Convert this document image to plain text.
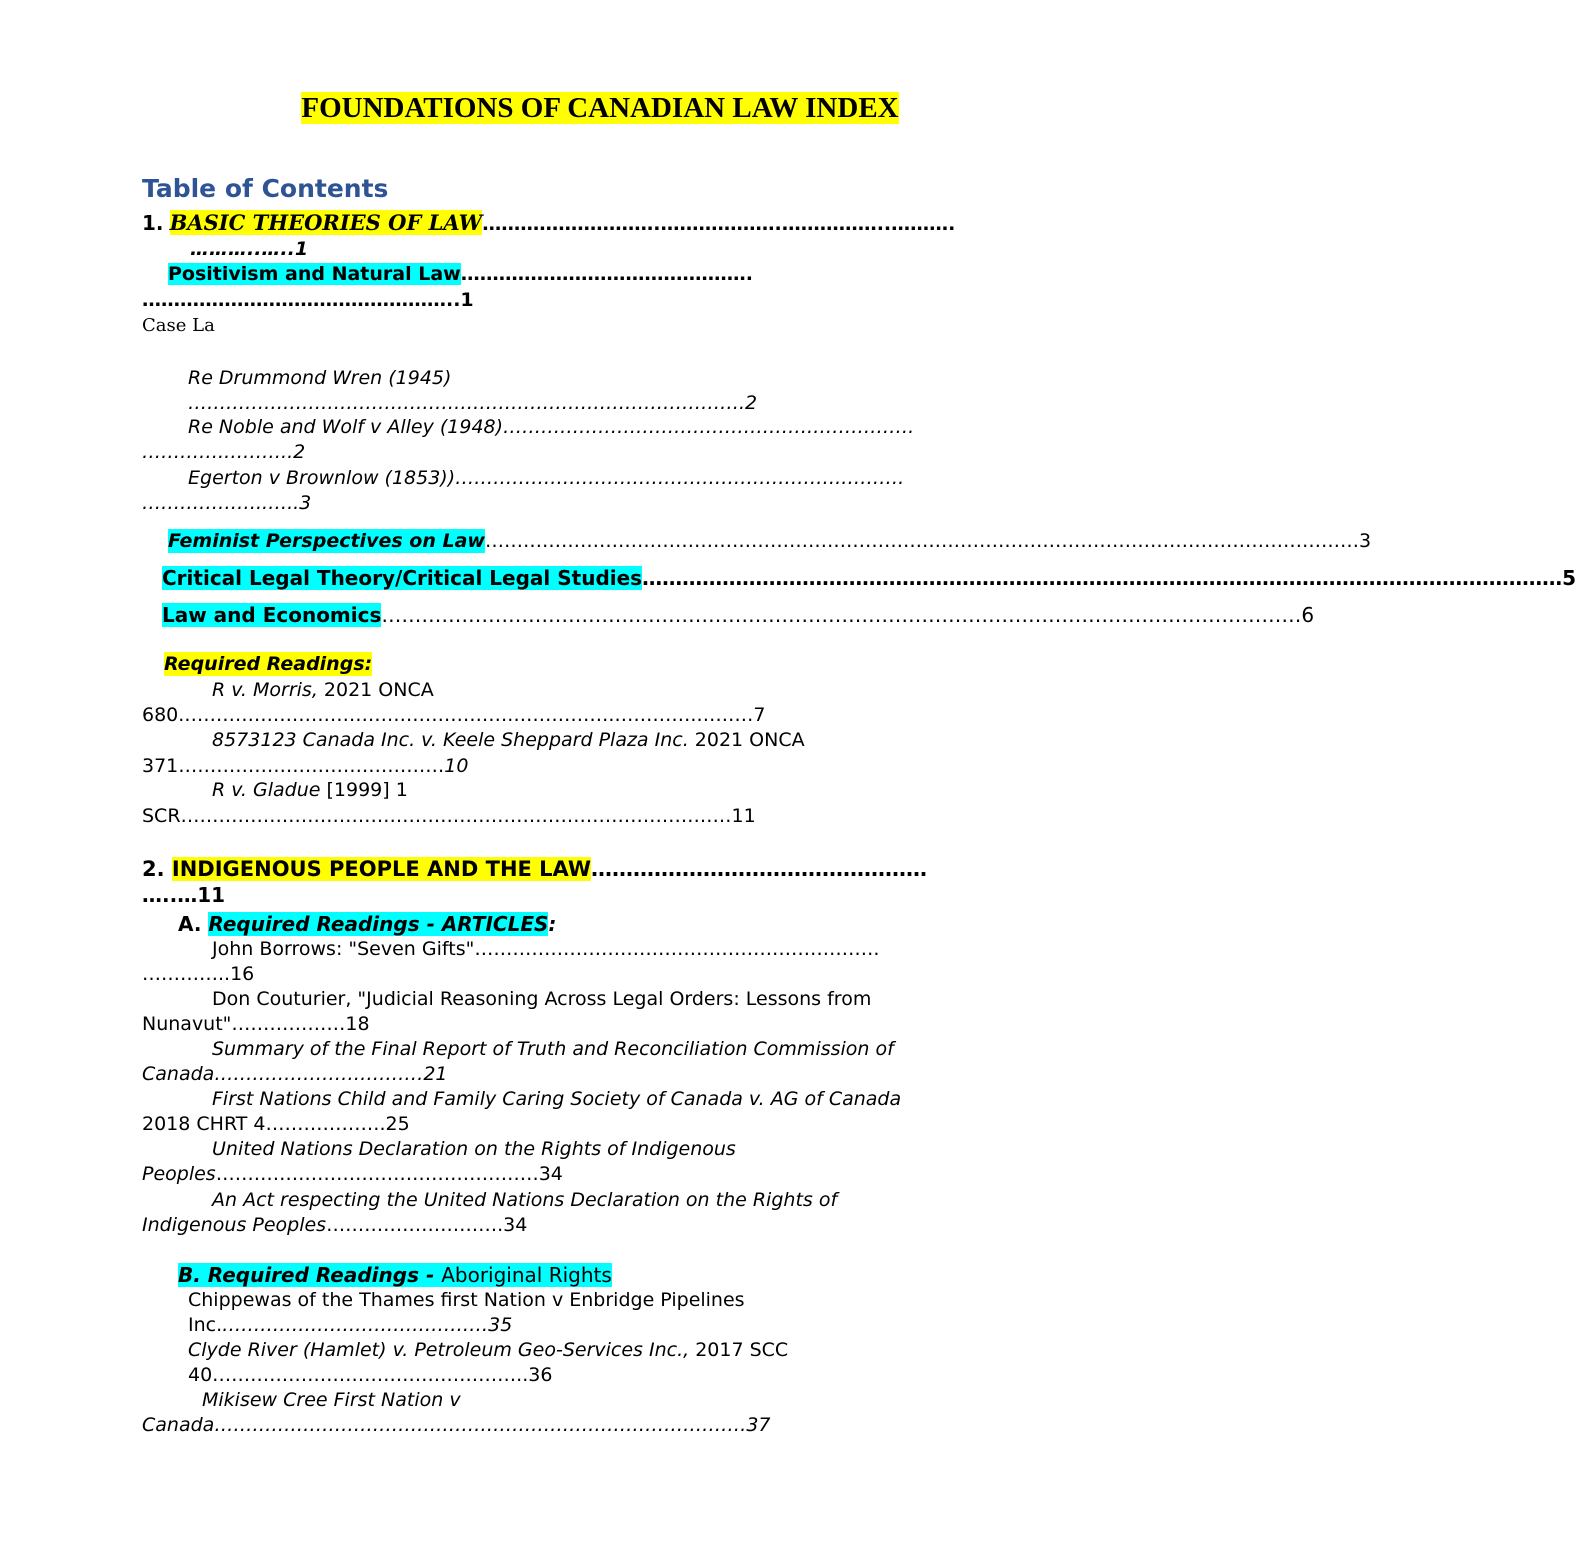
FOUNDATIONS OF CANADIAN LAW INDEX
Table of Contents
1. BASIC THEORIES OF LAW……………………….……………….……………..……….
………..…..1
Positivism and Natural Law……………………………………….
…………………………………………..1
Case La
Re Drummond Wren (1945)
…………………………………………………………………………….2
Re Noble and Wolf v Alley (1948)………………………………………….…………….
………….………..2
Egerton v Brownlow (1853))…………………………………………………….……….
………………..…..3
Feminist Perspectives on Law ………………………………………………………………………………………………………………………… 3
Critical Legal Theory/Critical Legal Studies ………………………………………………………………………………………………………………………… 5
Law and Economics ………………………………………………………………………………………………………………………… 6
Required Readings:
R v. Morris, 2021 ONCA
680.…………………………………………….…………….………….………7
8573123 Canada Inc. v. Keele Sheppard Plaza Inc. 2021 ONCA
371……………………………………10
R v. Gladue [1999] 1
SCR……………………………………………………………………………11
2. INDIGENOUS PEOPLE AND THE LAW…………………………………………
…..…11
A. Required Readings - ARTICLES:
John Borrows: "Seven Gifts"……………………………………………………….
…………..16
Don Couturier, "Judicial Reasoning Across Legal Orders: Lessons from
Nunavut"………………18
Summary of the Final Report of Truth and Reconciliation Commission of
Canada……………………………21
First Nations Child and Family Caring Society of Canada v. AG of Canada
2018 CHRT 4……………….25
United Nations Declaration on the Rights of Indigenous
Peoples……………………………………………34
An Act respecting the United Nations Declaration on the Rights of
Indigenous Peoples……………………….34
B. Required Readings - Aboriginal Rights
Chippewas of the Thames first Nation v Enbridge Pipelines
Inc.……………………………………35
Clyde River (Hamlet) v. Petroleum Geo-Services Inc., 2017 SCC
40…………………………………………..36
Mikisew Cree First Nation v
Canada…………………………………………………………………………37
